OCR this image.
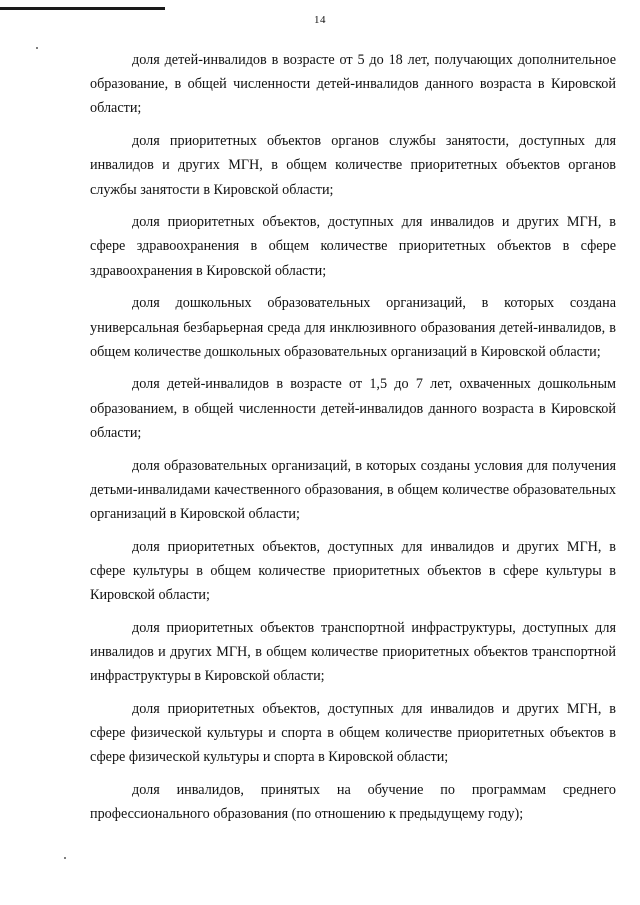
14

доля детей-инвалидов в возрасте от 5 до 18 лет, получающих дополнительное образование, в общей численности детей-инвалидов данного возраста в Кировской области;

доля приоритетных объектов органов службы занятости, доступных для инвалидов и других МГН, в общем количестве приоритетных объектов органов службы занятости в Кировской области;

доля приоритетных объектов, доступных для инвалидов и других МГН, в сфере здравоохранения в общем количестве приоритетных объектов в сфере здравоохранения в Кировской области;

доля дошкольных образовательных организаций, в которых создана универсальная безбарьерная среда для инклюзивного образования детей-инвалидов, в общем количестве дошкольных образовательных организаций в Кировской области;

доля детей-инвалидов в возрасте от 1,5 до 7 лет, охваченных дошкольным образованием, в общей численности детей-инвалидов данного возраста в Кировской области;

доля образовательных организаций, в которых созданы условия для получения детьми-инвалидами качественного образования, в общем количестве образовательных организаций в Кировской области;

доля приоритетных объектов, доступных для инвалидов и других МГН, в сфере культуры в общем количестве приоритетных объектов в сфере культуры в Кировской области;

доля приоритетных объектов транспортной инфраструктуры, доступных для инвалидов и других МГН, в общем количестве приоритетных объектов транспортной инфраструктуры в Кировской области;

доля приоритетных объектов, доступных для инвалидов и других МГН, в сфере физической культуры и спорта в общем количестве приоритетных объектов в сфере физической культуры и спорта в Кировской области;

доля инвалидов, принятых на обучение по программам среднего профессионального образования (по отношению к предыдущему году);
